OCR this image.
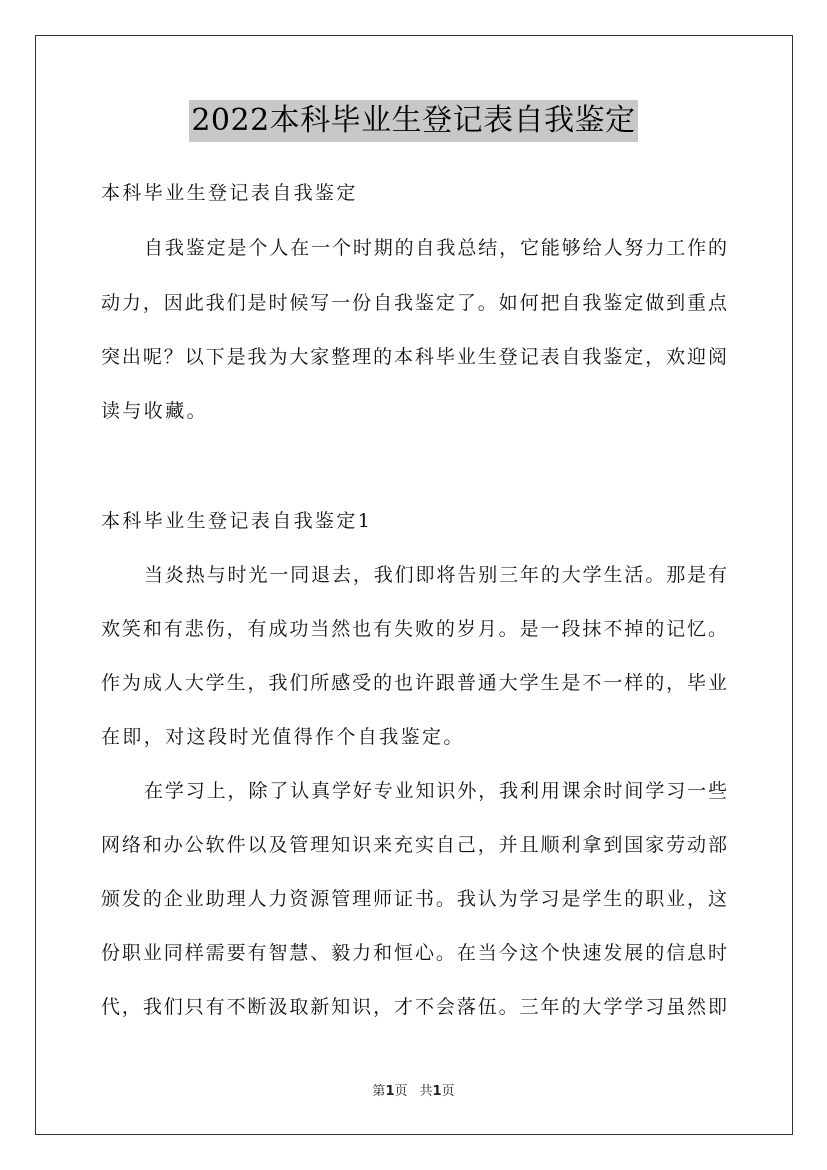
2022本科毕业生登记表自我鉴定

本科毕业生登记表自我鉴定

自我鉴定是个人在一个时期的自我总结，它能够给人努力工作的

动力，因此我们是时候写一份自我鉴定了。如何把自我鉴定做到重点

突出呢？以下是我为大家整理的本科毕业生登记表自我鉴定，欢迎阅

读与收藏。

本科毕业生登记表自我鉴定1

当炎热与时光一同退去，我们即将告别三年的大学生活。那是有

欢笑和有悲伤，有成功当然也有失败的岁月。是一段抹不掉的记忆。

作为成人大学生，我们所感受的也许跟普通大学生是不一样的，毕业

在即，对这段时光值得作个自我鉴定。

在学习上，除了认真学好专业知识外，我利用课余时间学习一些

网络和办公软件以及管理知识来充实自己，并且顺利拿到国家劳动部

颁发的企业助理人力资源管理师证书。我认为学习是学生的职业，这

份职业同样需要有智慧、毅力和恒心。在当今这个快速发展的信息时

代，我们只有不断汲取新知识，才不会落伍。三年的大学学习虽然即

第1页 共1页
